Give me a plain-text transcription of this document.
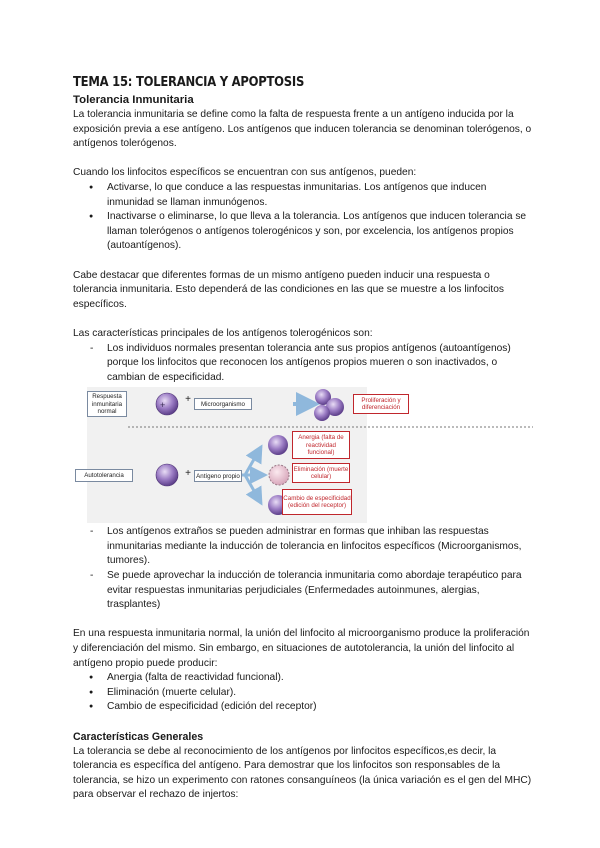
TEMA 15: TOLERANCIA Y APOPTOSIS
Tolerancia Inmunitaria

La tolerancia inmunitaria se define como la falta de respuesta frente a un antígeno inducida por la exposición previa a ese antígeno. Los antígenos que inducen tolerancia se denominan tolerógenos, o antígenos tolerógenos.

Cuando los linfocitos específicos se encuentran con sus antígenos, pueden:

● Activarse, lo que conduce a las respuestas inmunitarias. Los antígenos que inducen inmunidad se llaman inmunógenos.
● Inactivarse o eliminarse, lo que lleva a la tolerancia. Los antígenos que inducen tolerancia se llaman tolerógenos o antígenos tolerogénicos y son, por excelencia, los antígenos propios (autoantígenos).

Cabe destacar que diferentes formas de un mismo antígeno pueden inducir una respuesta o tolerancia inmunitaria. Esto dependerá de las condiciones en las que se muestre a los linfocitos específicos.

Las características principales de los antígenos tolerogénicos son:

- Los individuos normales presentan tolerancia ante sus propios antígenos (autoantígenos) porque los linfocitos que reconocen los antígenos propios mueren o son inactivados, o cambian de especificidad.
+
Respuesta inmunitaria normal
+	Microorganismo
Proliferación y diferenciación
Autotolerancia	+ Antígeno propio
Anergia (falta de reactividad funcional)
Eliminación (muerte celular)
Cambio de especificidad (edición del receptor)
- Los antígenos extraños se pueden administrar en formas que inhiban las respuestas inmunitarias mediante la inducción de tolerancia en linfocitos específicos (Microorganismos, tumores).
- Se puede aprovechar la inducción de tolerancia inmunitaria como abordaje terapéutico para evitar respuestas inmunitarias perjudiciales (Enfermedades autoinmunes, alergias, trasplantes)

En una respuesta inmunitaria normal, la unión del linfocito al microorganismo produce la proliferación y diferenciación del mismo. Sin embargo, en situaciones de autotolerancia, la unión del linfocito al antígeno propio puede producir:

● Anergia (falta de reactividad funcional).
● Eliminación (muerte celular).
● Cambio de especificidad (edición del receptor)
Características Generales

La tolerancia se debe al reconocimiento de los antígenos por linfocitos específicos,es decir, la tolerancia es específica del antígeno. Para demostrar que los linfocitos son responsables de la tolerancia, se hizo un experimento con ratones consanguíneos (la única variación es el gen del MHC) para observar el rechazo de injertos:
